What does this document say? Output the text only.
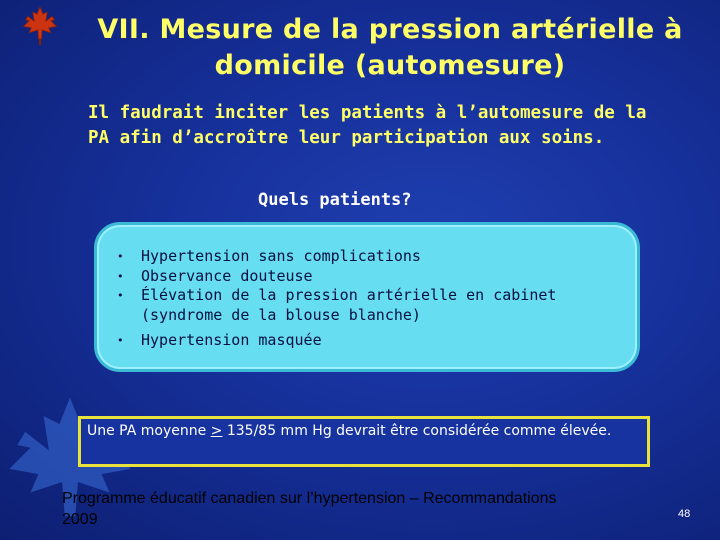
VII. Mesure de la pression artérielle à
domicile (automesure)
Il faudrait inciter les patients à l’automesure de la
PA afin d’accroître leur participation aux soins.
Quels patients?
• Hypertension sans complications
• Observance douteuse
• Élévation de la pression artérielle en cabinet
(syndrome de la blouse blanche)
• Hypertension masquée
Une PA moyenne ≥ 135/85 mm Hg devrait être considérée comme élevée.
Programme éducatif canadien sur l’hypertension – Recommandations
2009	48
